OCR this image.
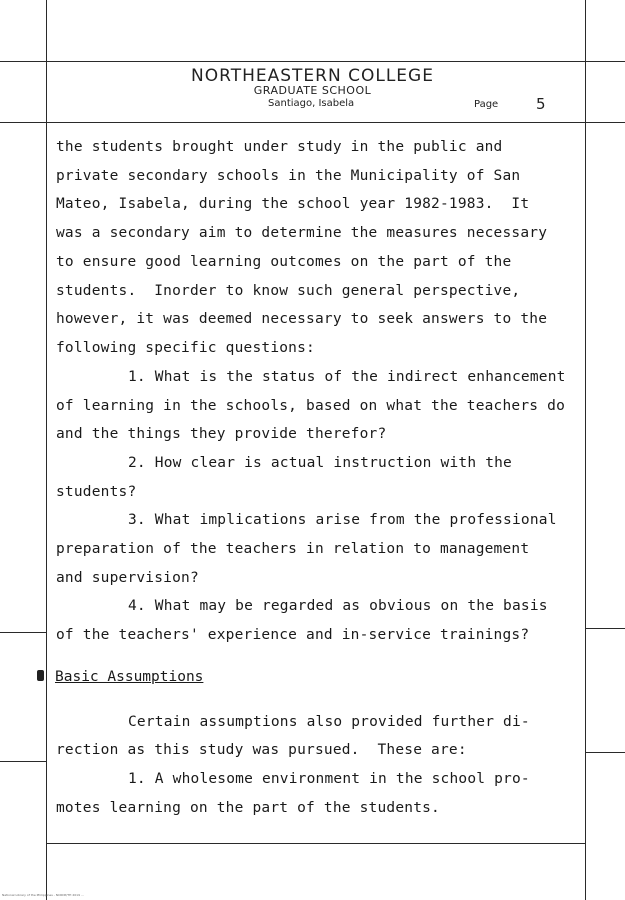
NORTHEASTERN COLLEGE
GRADUATE SCHOOL
Santiago, Isabela	Page	5
the students brought under study in the public and
private secondary schools in the Municipality of San
Mateo, Isabela, during the school year 1982-1983.  It
was a secondary aim to determine the measures necessary
to ensure good learning outcomes on the part of the
students.  Inorder to know such general perspective,
however, it was deemed necessary to seek answers to the
following specific questions:
1. What is the status of the indirect enhancement
of learning in the schools, based on what the teachers do
and the things they provide therefor?
2. How clear is actual instruction with the
students?
3. What implications arise from the professional
preparation of the teachers in relation to management
and supervision?
4. What may be regarded as obvious on the basis
of the teachers' experience and in-service trainings?
Basic Assumptions
Certain assumptions also provided further di-
rection as this study was pursued.  These are:
1. A wholesome environment in the school pro-
motes learning on the part of the students.
National Library of the Philippines - NCRDP/TH 2019 ...
